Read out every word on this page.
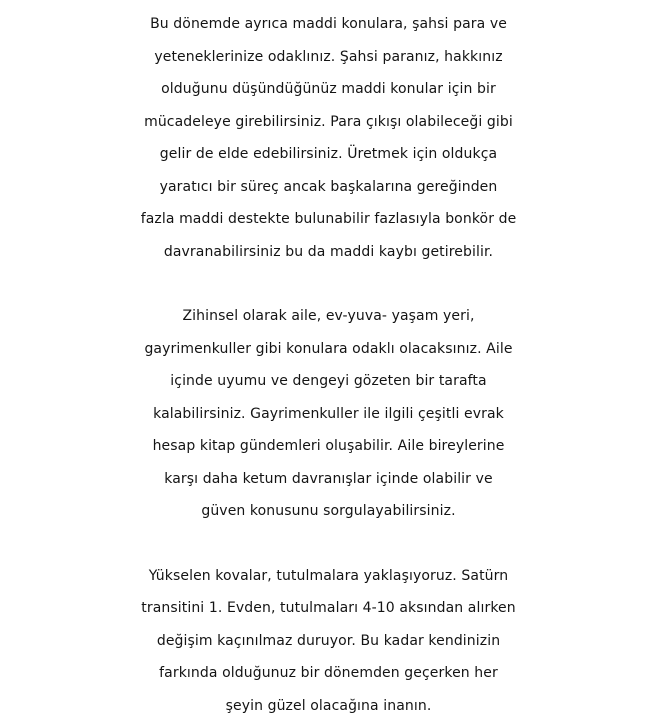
Bu dönemde ayrıca maddi konulara, şahsi para ve
yeteneklerinize odaklınız. Şahsi paranız, hakkınız
olduğunu düşündüğünüz maddi konular için bir
mücadeleye girebilirsiniz. Para çıkışı olabileceği gibi
gelir de elde edebilirsiniz. Üretmek için oldukça
yaratıcı bir süreç ancak başkalarına gereğinden
fazla maddi destekte bulunabilir fazlasıyla bonkör de
davranabilirsiniz bu da maddi kaybı getirebilir.

Zihinsel olarak aile, ev-yuva- yaşam yeri,
gayrimenkuller gibi konulara odaklı olacaksınız. Aile
içinde uyumu ve dengeyi gözeten bir tarafta
kalabilirsiniz. Gayrimenkuller ile ilgili çeşitli evrak
hesap kitap gündemleri oluşabilir. Aile bireylerine
karşı daha ketum davranışlar içinde olabilir ve
güven konusunu sorgulayabilirsiniz.

Yükselen kovalar, tutulmalara yaklaşıyoruz. Satürn
transitini 1. Evden, tutulmaları 4-10 aksından alırken
değişim kaçınılmaz duruyor. Bu kadar kendinizin
farkında olduğunuz bir dönemden geçerken her
şeyin güzel olacağına inanın.
